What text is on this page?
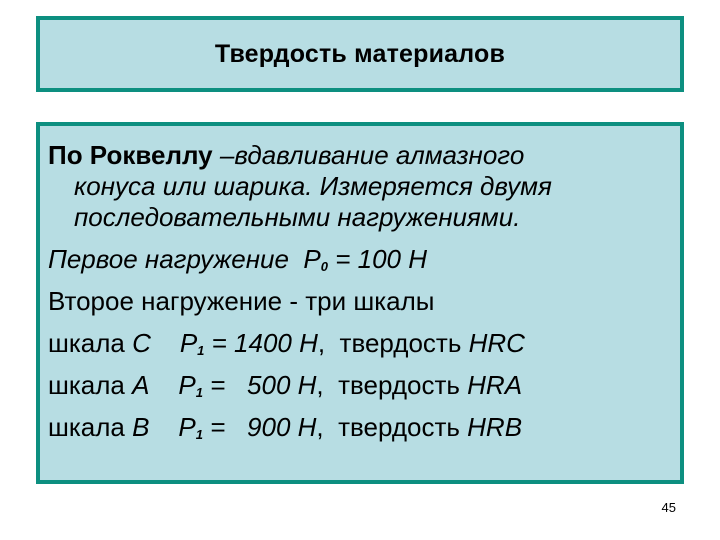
Твердость материалов
По Роквеллу –вдавливание алмазного
конуса или шарика. Измеряется двумя
последовательными нагружениями.
Первое нагружение  $P_0 = 100$ Н
Второе нагружение - три шкалы
шкала С $P_1 = 1400$ Н,  твердость HRC
шкала А $P_1 = 500$ Н,  твердость HRA
шкала В $P_1 = 900$ Н,  твердость HRB
45
